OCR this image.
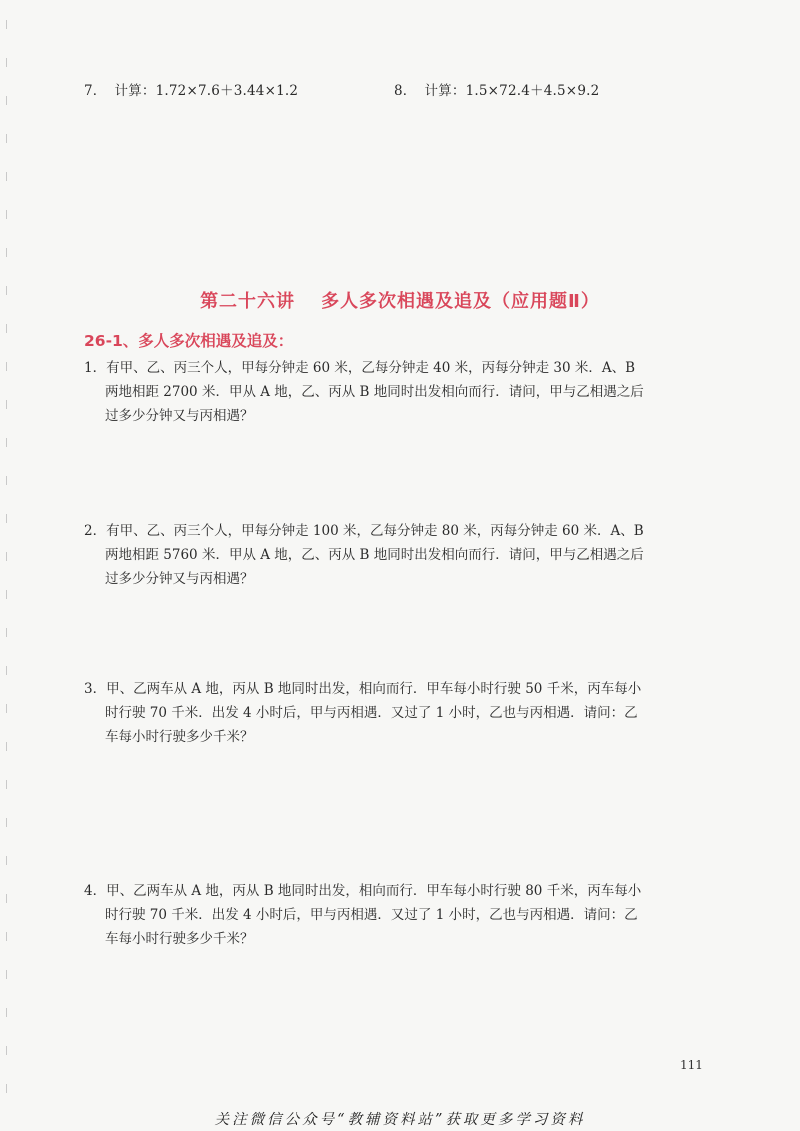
7． 计算：1.72×7.6＋3.44×1.2	8． 计算：1.5×72.4＋4.5×9.2
第二十六讲 多人多次相遇及追及（应用题Ⅱ）
26-1、多人多次相遇及追及：
1．有甲、乙、丙三个人，甲每分钟走 60 米，乙每分钟走 40 米，丙每分钟走 30 米．A、B
两地相距 2700 米．甲从 A 地，乙、丙从 B 地同时出发相向而行．请问，甲与乙相遇之后
过多少分钟又与丙相遇？
2．有甲、乙、丙三个人，甲每分钟走 100 米，乙每分钟走 80 米，丙每分钟走 60 米．A、B
两地相距 5760 米．甲从 A 地，乙、丙从 B 地同时出发相向而行．请问，甲与乙相遇之后
过多少分钟又与丙相遇？
3．甲、乙两车从 A 地，丙从 B 地同时出发，相向而行．甲车每小时行驶 50 千米，丙车每小
时行驶 70 千米．出发 4 小时后，甲与丙相遇．又过了 1 小时，乙也与丙相遇．请问：乙
车每小时行驶多少千米？
4．甲、乙两车从 A 地，丙从 B 地同时出发，相向而行．甲车每小时行驶 80 千米，丙车每小
时行驶 70 千米．出发 4 小时后，甲与丙相遇．又过了 1 小时，乙也与丙相遇．请问：乙
车每小时行驶多少千米？
111
关注微信公众号“教辅资料站”获取更多学习资料
